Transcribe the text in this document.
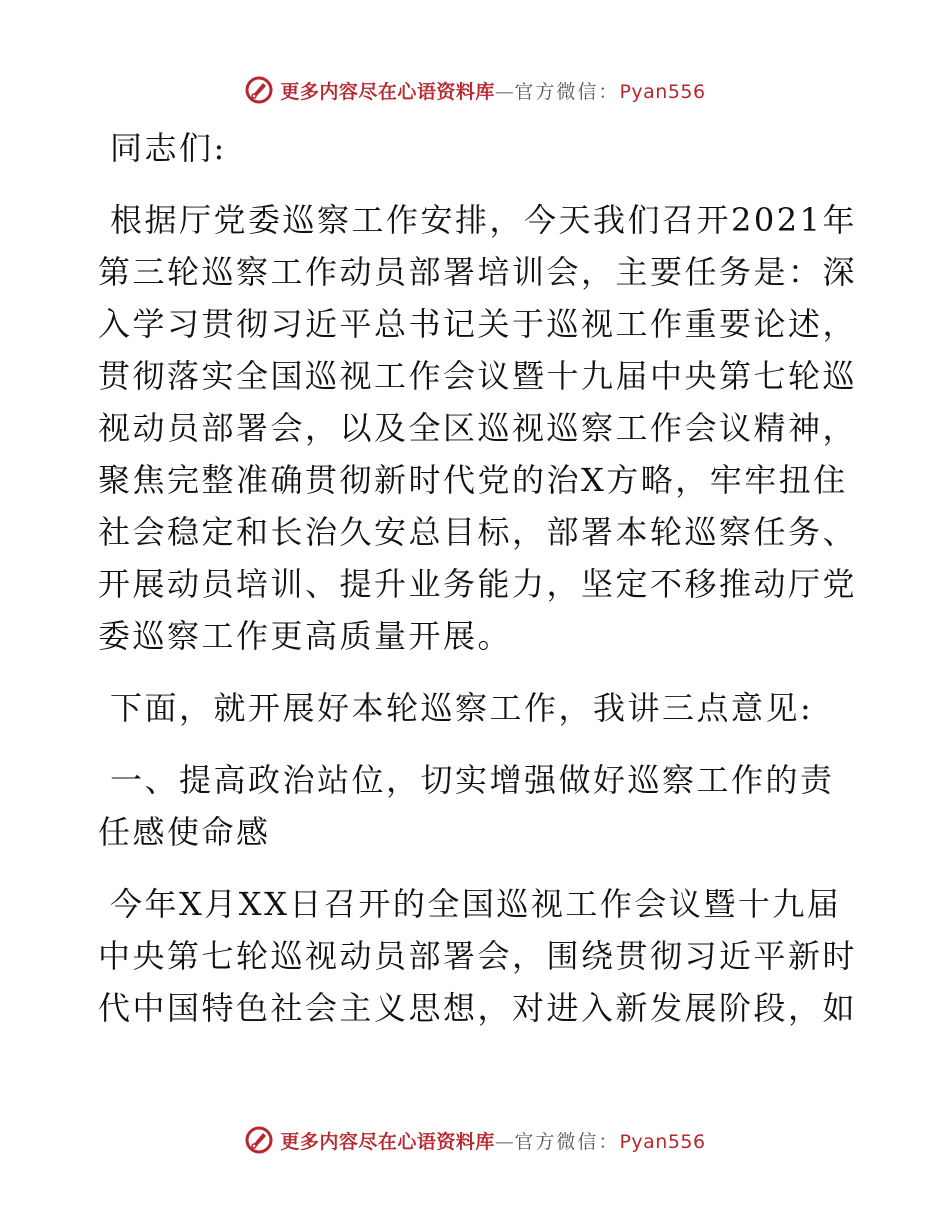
更多内容尽在心语资料库—官方微信：Pyan556

同志们:

根据厅党委巡察工作安排，今天我们召开2021年第三轮巡察工作动员部署培训会，主要任务是：深入学习贯彻习近平总书记关于巡视工作重要论述，贯彻落实全国巡视工作会议暨十九届中央第七轮巡视动员部署会，以及全区巡视巡察工作会议精神，聚焦完整准确贯彻新时代党的治X方略，牢牢扭住社会稳定和长治久安总目标，部署本轮巡察任务、开展动员培训、提升业务能力，坚定不移推动厅党委巡察工作更高质量开展。

下面，就开展好本轮巡察工作，我讲三点意见:

一、提高政治站位，切实增强做好巡察工作的责任感使命感

今年X月XX日召开的全国巡视工作会议暨十九届中央第七轮巡视动员部署会，围绕贯彻习近平新时代中国特色社会主义思想，对进入新发展阶段，如

更多内容尽在心语资料库—官方微信：Pyan556
